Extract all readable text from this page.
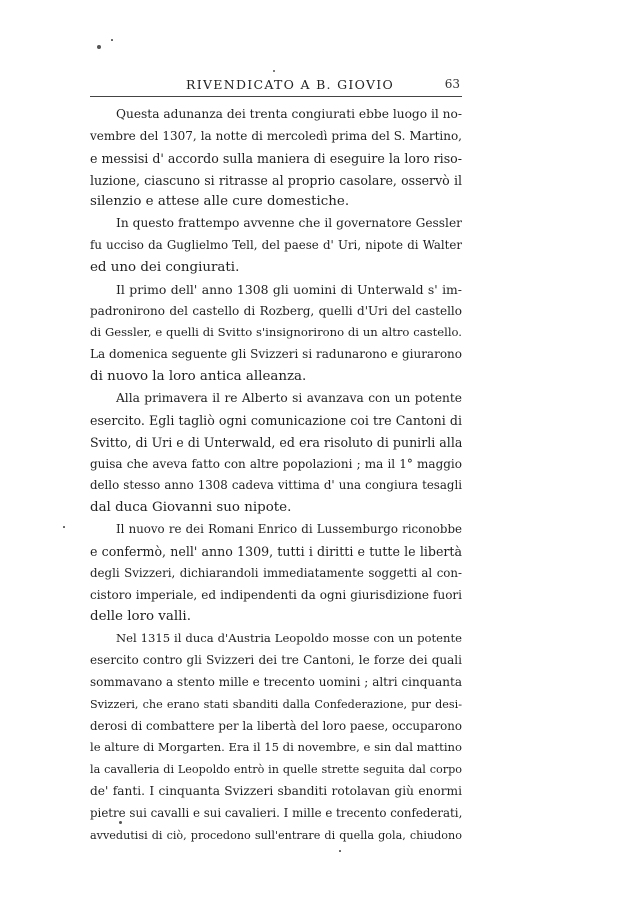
RIVENDICATO A B. GIOVIO	63
Questa adunanza dei trenta congiurati ebbe luogo il no-
vembre del 1307, la notte di mercoledì prima del S. Martino,
e messisi d' accordo sulla maniera di eseguire la loro riso-
luzione, ciascuno si ritrasse al proprio casolare, osservò il
silenzio e attese alle cure domestiche.
In questo frattempo avvenne che il governatore Gessler
fu ucciso da Guglielmo Tell, del paese d' Uri, nipote di Walter
ed uno dei congiurati.
Il primo dell' anno 1308 gli uomini di Unterwald s' im-
padronirono del castello di Rozberg, quelli d'Uri del castello
di Gessler, e quelli di Svitto s'insignorirono di un altro castello.
La domenica seguente gli Svizzeri si radunarono e giurarono
di nuovo la loro antica alleanza.
Alla primavera il re Alberto si avanzava con un potente
esercito. Egli tagliò ogni comunicazione coi tre Cantoni di
Svitto, di Uri e di Unterwald, ed era risoluto di punirli alla
guisa che aveva fatto con altre popolazioni ; ma il 1° maggio
dello stesso anno 1308 cadeva vittima d' una congiura tesagli
dal duca Giovanni suo nipote.
Il nuovo re dei Romani Enrico di Lussemburgo riconobbe
e confermò, nell' anno 1309, tutti i diritti e tutte le libertà
degli Svizzeri, dichiarandoli immediatamente soggetti al con-
cistoro imperiale, ed indipendenti da ogni giurisdizione fuori
delle loro valli.
Nel 1315 il duca d'Austria Leopoldo mosse con un potente
esercito contro gli Svizzeri dei tre Cantoni, le forze dei quali
sommavano a stento mille e trecento uomini ; altri cinquanta
Svizzeri, che erano stati sbanditi dalla Confederazione, pur desi-
derosi di combattere per la libertà del loro paese, occuparono
le alture di Morgarten. Era il 15 di novembre, e sin dal mattino
la cavalleria di Leopoldo entrò in quelle strette seguita dal corpo
de' fanti. I cinquanta Svizzeri sbanditi rotolavan giù enormi
pietre sui cavalli e sui cavalieri. I mille e trecento confederati,
avvedutisi di ciò, procedono sull'entrare di quella gola, chiudono
